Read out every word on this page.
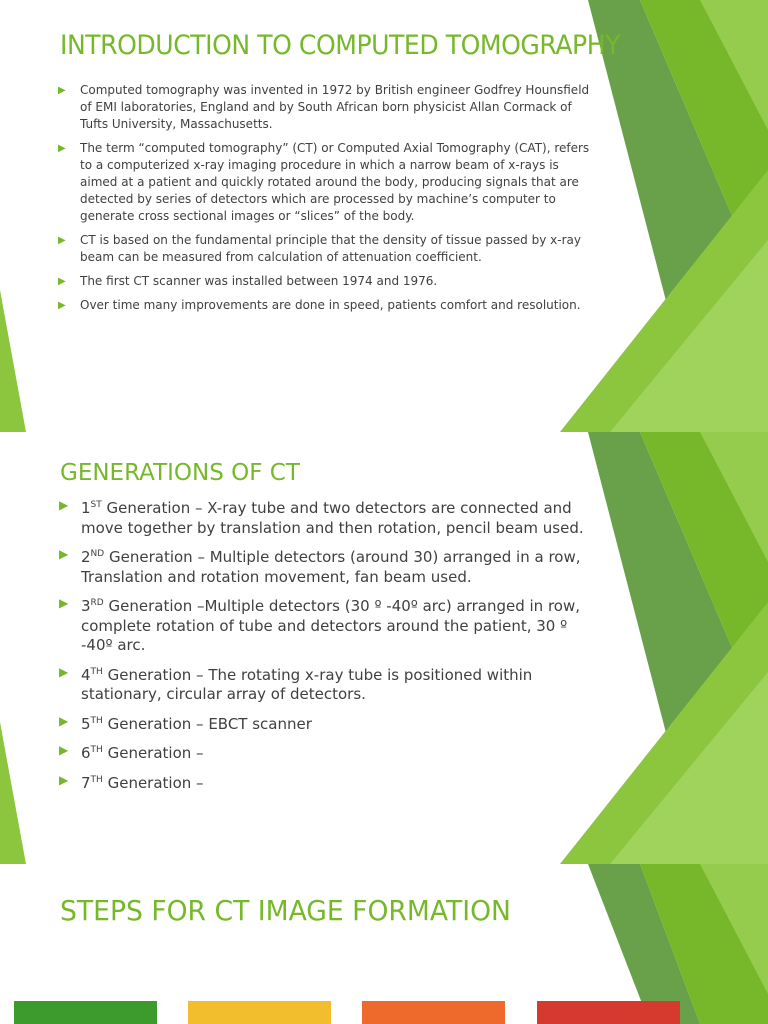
INTRODUCTION TO COMPUTED TOMOGRAPHY
▶ Computed tomography was invented in 1972 by British engineer Godfrey Hounsfield of EMI laboratories, England and by South African born physicist Allan Cormack of Tufts University, Massachusetts.
▶ The term “computed tomography” (CT) or Computed Axial Tomography (CAT), refers to a computerized x-ray imaging procedure in which a narrow beam of x-rays is aimed at a patient and quickly rotated around the body, producing signals that are detected by series of detectors which are processed by machine’s computer to generate cross sectional images or “slices” of the body.
▶ CT is based on the fundamental principle that the density of tissue passed by x-ray beam can be measured from calculation of attenuation coefficient.
▶ The first CT scanner was installed between 1974 and 1976.
▶ Over time many improvements are done in speed, patients comfort and resolution.
GENERATIONS OF CT
▶ 1ST Generation – X-ray tube and two detectors are connected and move together by translation and then rotation, pencil beam used.
▶ 2ND Generation – Multiple detectors (around 30) arranged in a row, Translation and rotation movement, fan beam used.
▶ 3RD Generation –Multiple detectors (30 º -40º arc) arranged in row, complete rotation of tube and detectors around the patient, 30 º -40º arc.
▶ 4TH Generation – The rotating x-ray tube is positioned within stationary, circular array of detectors.
▶ 5TH Generation – EBCT scanner
▶ 6TH Generation –
▶ 7TH Generation –
STEPS FOR CT IMAGE FORMATION
